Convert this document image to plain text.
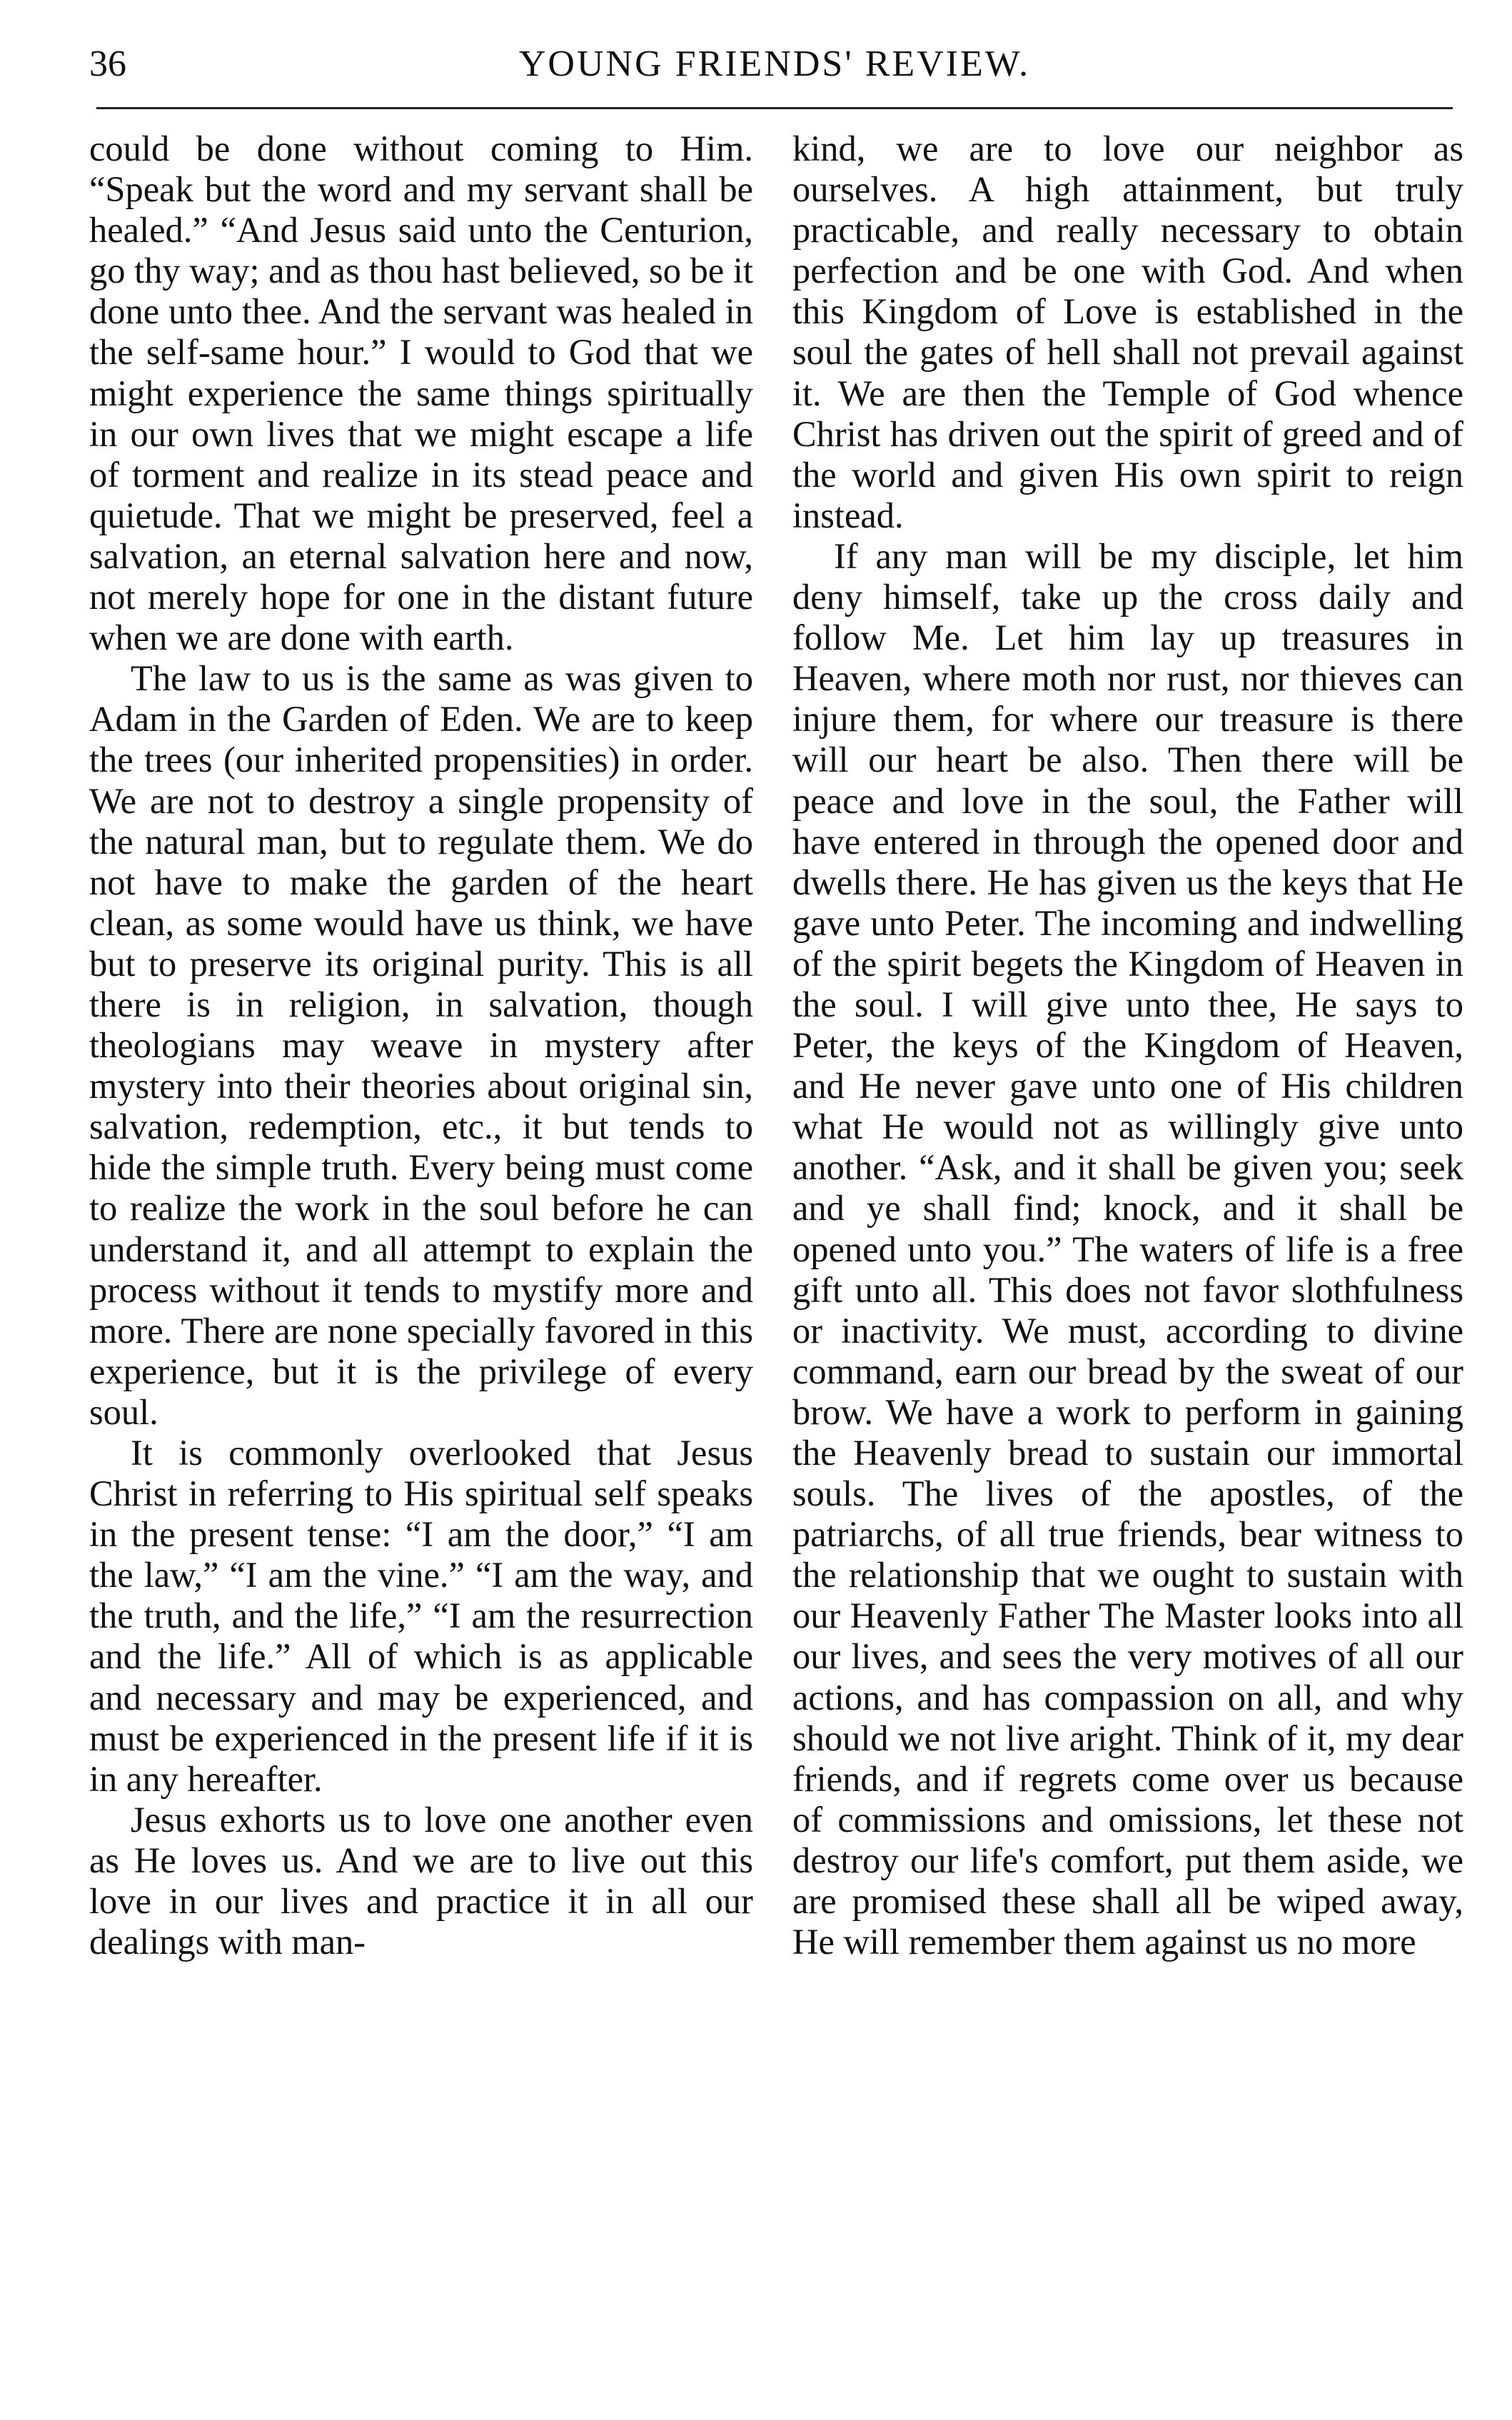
36	YOUNG FRIENDS' REVIEW.

could be done without coming to Him. “Speak but the word and my servant shall be healed.” “And Jesus said unto the Centurion, go thy way; and as thou hast believed, so be it done unto thee. And the servant was healed in the self-same hour.” I would to God that we might experience the same things spiritually in our own lives that we might escape a life of torment and realize in its stead peace and quietude. That we might be preserved, feel a salvation, an eternal salvation here and now, not merely hope for one in the distant future when we are done with earth.

The law to us is the same as was given to Adam in the Garden of Eden. We are to keep the trees (our inherited propensities) in order. We are not to destroy a single propensity of the natural man, but to regulate them. We do not have to make the garden of the heart clean, as some would have us think, we have but to preserve its original purity. This is all there is in religion, in salvation, though theologians may weave in mystery after mystery into their theories about original sin, salvation, redemption, etc., it but tends to hide the simple truth. Every being must come to realize the work in the soul before he can understand it, and all attempt to explain the process without it tends to mystify more and more. There are none specially favored in this experience, but it is the privilege of every soul.

It is commonly overlooked that Jesus Christ in referring to His spiritual self speaks in the present tense: “I am the door,” “I am the law,” “I am the vine.” “I am the way, and the truth, and the life,” “I am the resurrection and the life.” All of which is as applicable and necessary and may be experienced, and must be experienced in the present life if it is in any hereafter.

Jesus exhorts us to love one another even as He loves us. And we are to live out this love in our lives and practice it in all our dealings with man-

kind, we are to love our neighbor as ourselves. A high attainment, but truly practicable, and really necessary to obtain perfection and be one with God. And when this Kingdom of Love is established in the soul the gates of hell shall not prevail against it. We are then the Temple of God whence Christ has driven out the spirit of greed and of the world and given His own spirit to reign instead.

If any man will be my disciple, let him deny himself, take up the cross daily and follow Me. Let him lay up treasures in Heaven, where moth nor rust, nor thieves can injure them, for where our treasure is there will our heart be also. Then there will be peace and love in the soul, the Father will have entered in through the opened door and dwells there. He has given us the keys that He gave unto Peter. The incoming and indwelling of the spirit begets the Kingdom of Heaven in the soul. I will give unto thee, He says to Peter, the keys of the Kingdom of Heaven, and He never gave unto one of His children what He would not as willingly give unto another. “Ask, and it shall be given you; seek and ye shall find; knock, and it shall be opened unto you.” The waters of life is a free gift unto all. This does not favor slothfulness or inactivity. We must, according to divine command, earn our bread by the sweat of our brow. We have a work to perform in gaining the Heavenly bread to sustain our immortal souls. The lives of the apostles, of the patriarchs, of all true friends, bear witness to the relationship that we ought to sustain with our Heavenly Father The Master looks into all our lives, and sees the very motives of all our actions, and has compassion on all, and why should we not live aright. Think of it, my dear friends, and if regrets come over us because of commissions and omissions, let these not destroy our life's comfort, put them aside, we are promised these shall all be wiped away, He will remember them against us no more
